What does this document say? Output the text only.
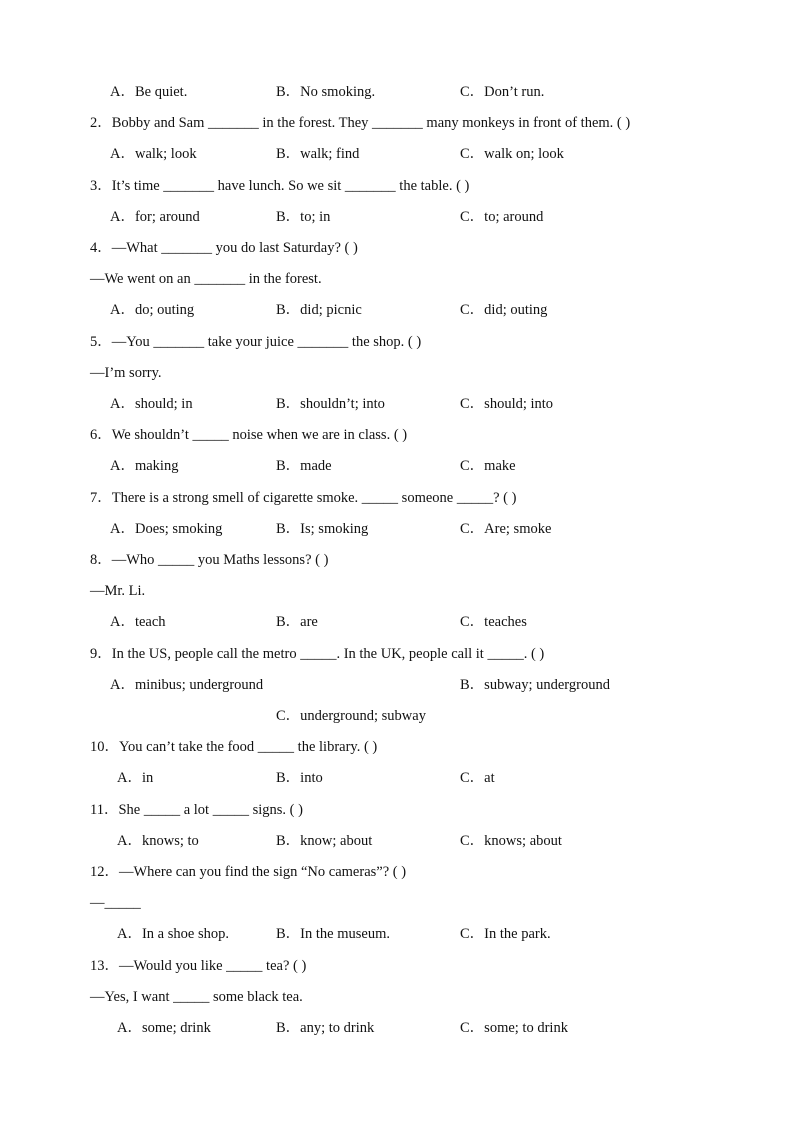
A．Be quiet.	B．No smoking.	C．Don’t run.
2．Bobby and Sam _______ in the forest. They _______ many monkeys in front of them. ( )
A．walk; look	B．walk; find	C．walk on; look
3．It’s time _______ have lunch. So we sit _______ the table. ( )
A．for; around	B．to; in	C．to; around
4．—What _______ you do last Saturday? ( )
—We went on an _______ in the forest.
A．do; outing	B．did; picnic	C．did; outing
5．—You _______ take your juice _______ the shop. ( )
—I’m sorry.
A．should; in	B．shouldn’t; into	C．should; into
6．We shouldn’t _____ noise when we are in class. ( )
A．making	B．made	C．make
7．There is a strong smell of cigarette smoke. _____ someone _____? ( )
A．Does; smoking	B．Is; smoking	C．Are; smoke
8．—Who _____ you Maths lessons? ( )
—Mr. Li.
A．teach	B．are	C．teaches
9．In the US, people call the metro _____. In the UK, people call it _____. ( )
A．minibus; underground	B．subway; underground
C．underground; subway
10．You can’t take the food _____ the library. ( )
A．in	B．into	C．at
11．She _____ a lot _____ signs. ( )
A．knows; to	B．know; about	C．knows; about
12．—Where can you find the sign “No cameras”? ( )
—_____
A．In a shoe shop.	B．In the museum.	C．In the park.
13．—Would you like _____ tea? ( )
—Yes, I want _____ some black tea.
A．some; drink	B．any; to drink	C．some; to drink
